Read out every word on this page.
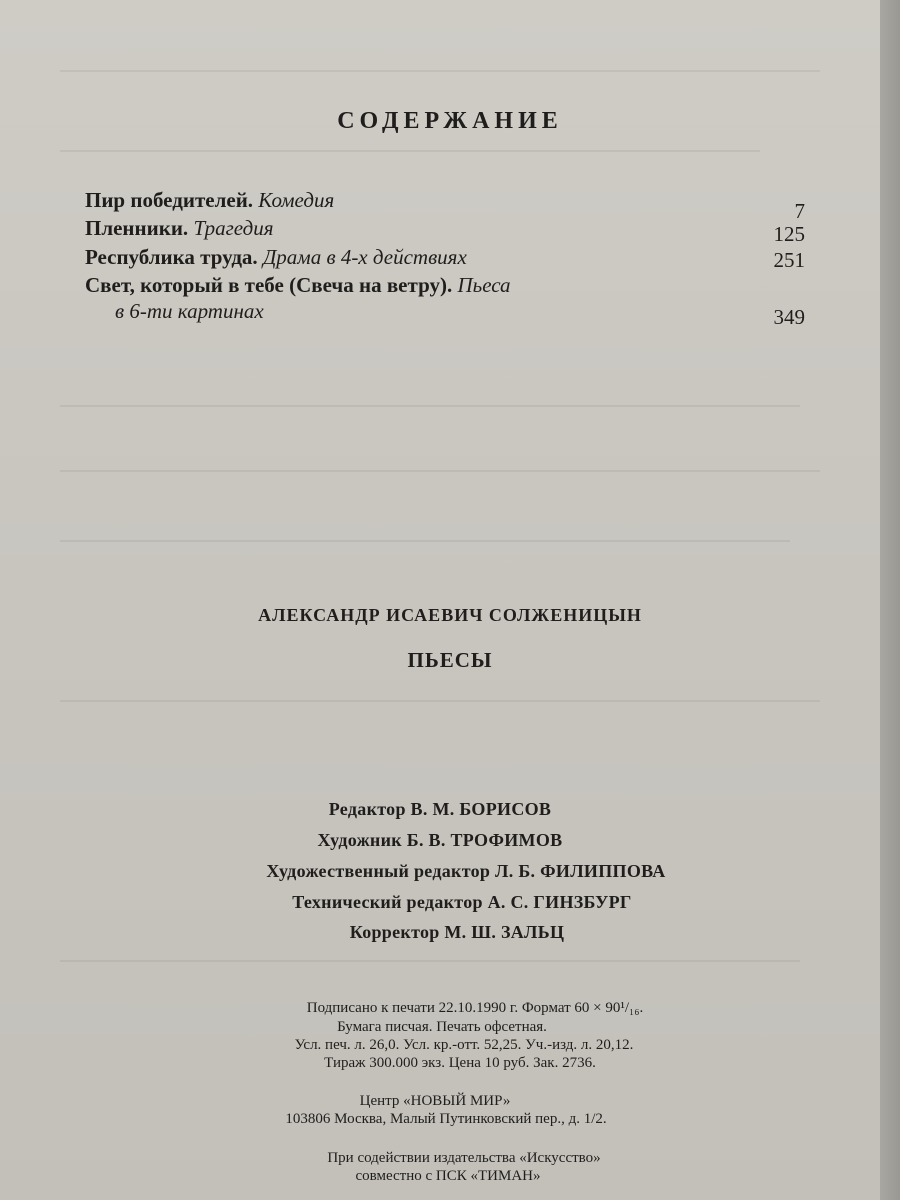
СОДЕРЖАНИЕ
Пир победителей. Комедия	7
Пленники. Трагедия	125
Республика труда. Драма в 4-х действиях	251
Свет, который в тебе (Свеча на ветру). Пьеса
в 6-ти картинах	349
АЛЕКСАНДР ИСАЕВИЧ СОЛЖЕНИЦЫН
ПЬЕСЫ
Редактор В. М. БОРИСОВ
Художник Б. В. ТРОФИМОВ
Художественный редактор Л. Б. ФИЛИППОВА
Технический редактор А. С. ГИНЗБУРГ
Корректор М. Ш. ЗАЛЬЦ
Подписано к печати 22.10.1990 г. Формат 60 × 90¹/₁₆.
Бумага писчая. Печать офсетная.
Усл. печ. л. 26,0. Усл. кр.-отт. 52,25. Уч.-изд. л. 20,12.
Тираж 300.000 экз. Цена 10 руб. Зак. 2736.
Центр «НОВЫЙ МИР»
103806 Москва, Малый Путинковский пер., д. 1/2.
При содействии издательства «Искусство»
совместно с ПСК «ТИМАН»
